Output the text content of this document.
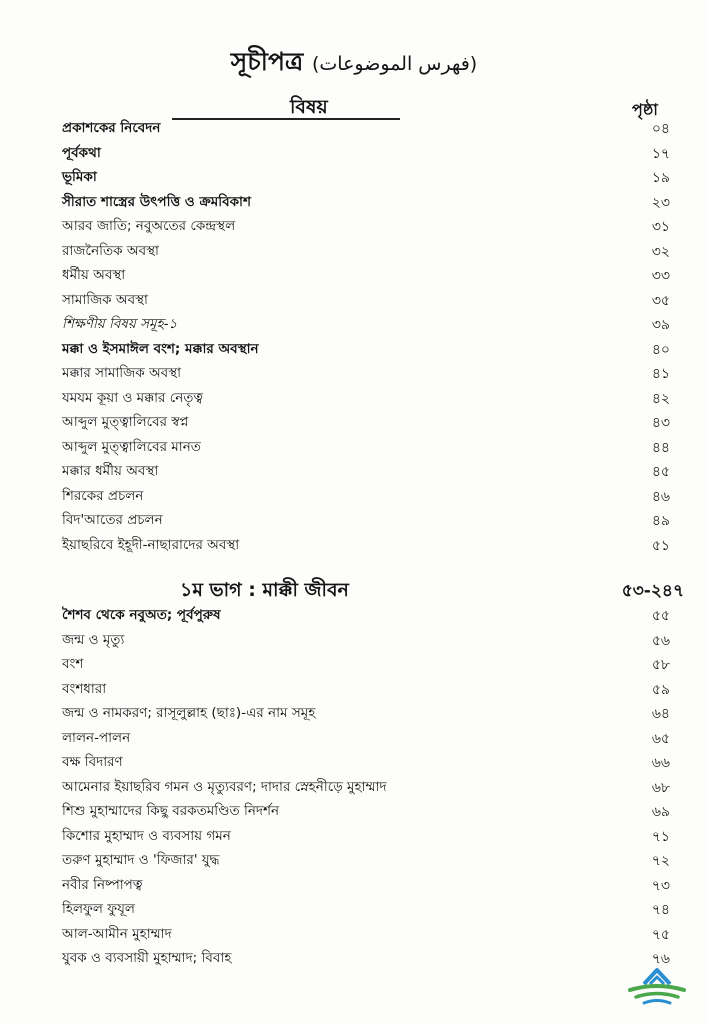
সূচীপত্র (فهرس الموضوعات)
বিষয়	পৃষ্ঠা
প্রকাশকের নিবেদন	০৪
পূর্বকথা	১৭
ভূমিকা	১৯
সীরাত শাস্ত্রের উৎপত্তি ও ক্রমবিকাশ	২৩
আরব জাতি; নবুঅতের কেন্দ্রস্থল	৩১
রাজনৈতিক অবস্থা	৩২
ধর্মীয় অবস্থা	৩৩
সামাজিক অবস্থা	৩৫
শিক্ষণীয় বিষয় সমূহ-১	৩৯
মক্কা ও ইসমাঈল বংশ; মক্কার অবস্থান	৪০
মক্কার সামাজিক অবস্থা	৪১
যমযম কূয়া ও মক্কার নেতৃত্ব	৪২
আব্দুল মুত্ত্বালিবের স্বপ্ন	৪৩
আব্দুল মুত্ত্বালিবের মানত	৪৪
মক্কার ধর্মীয় অবস্থা	৪৫
শিরকের প্রচলন	৪৬
বিদ'আতের প্রচলন	৪৯
ইয়াছরিবে ইহূদী-নাছারাদের অবস্থা	৫১
১ম ভাগ : মাক্কী জীবন	৫৩-২৪৭
শৈশব থেকে নবুঅত; পূর্বপুরুষ	৫৫
জন্ম ও মৃত্যু	৫৬
বংশ	৫৮
বংশধারা	৫৯
জন্ম ও নামকরণ; রাসূলুল্লাহ (ছাঃ)-এর নাম সমূহ	৬৪
লালন-পালন	৬৫
বক্ষ বিদারণ	৬৬
আমেনার ইয়াছরিব গমন ও মৃত্যুবরণ; দাদার স্নেহনীড়ে মুহাম্মাদ	৬৮
শিশু মুহাম্মাদের কিছু বরকতমণ্ডিত নিদর্শন	৬৯
কিশোর মুহাম্মাদ ও ব্যবসায় গমন	৭১
তরুণ মুহাম্মাদ ও 'ফিজার' যুদ্ধ	৭২
নবীর নিষ্পাপত্ব	৭৩
হিলফুল ফুযূল	৭৪
আল-আমীন মুহাম্মাদ	৭৫
যুবক ও ব্যবসায়ী মুহাম্মাদ; বিবাহ	৭৬
